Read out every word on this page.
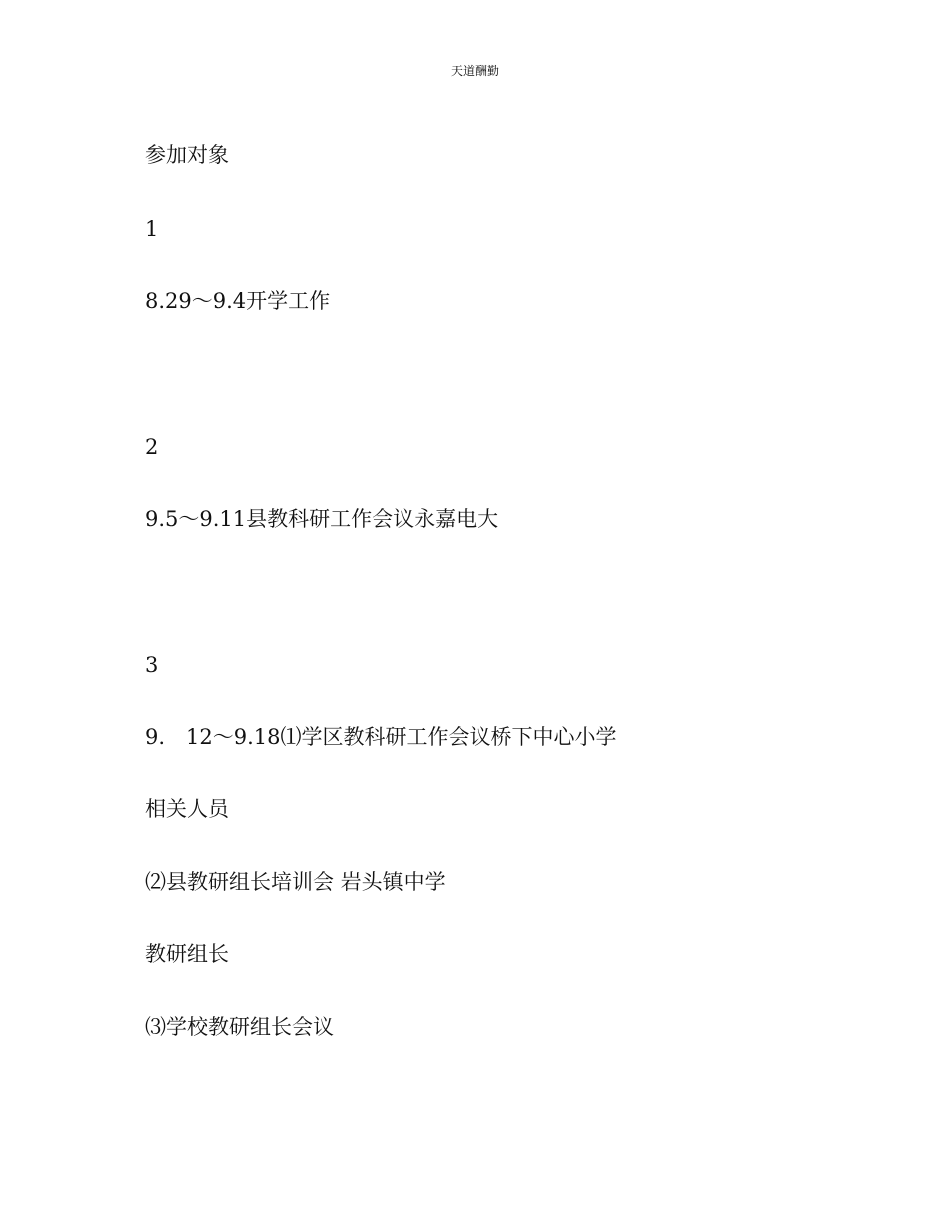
天道酬勤
参加对象
1
8.29～9.4开学工作
2
9.5～9.11县教科研工作会议永嘉电大
3
9.　12～9.18⑴学区教科研工作会议桥下中心小学
相关人员
⑵县教研组长培训会 岩头镇中学
教研组长
⑶学校教研组长会议
